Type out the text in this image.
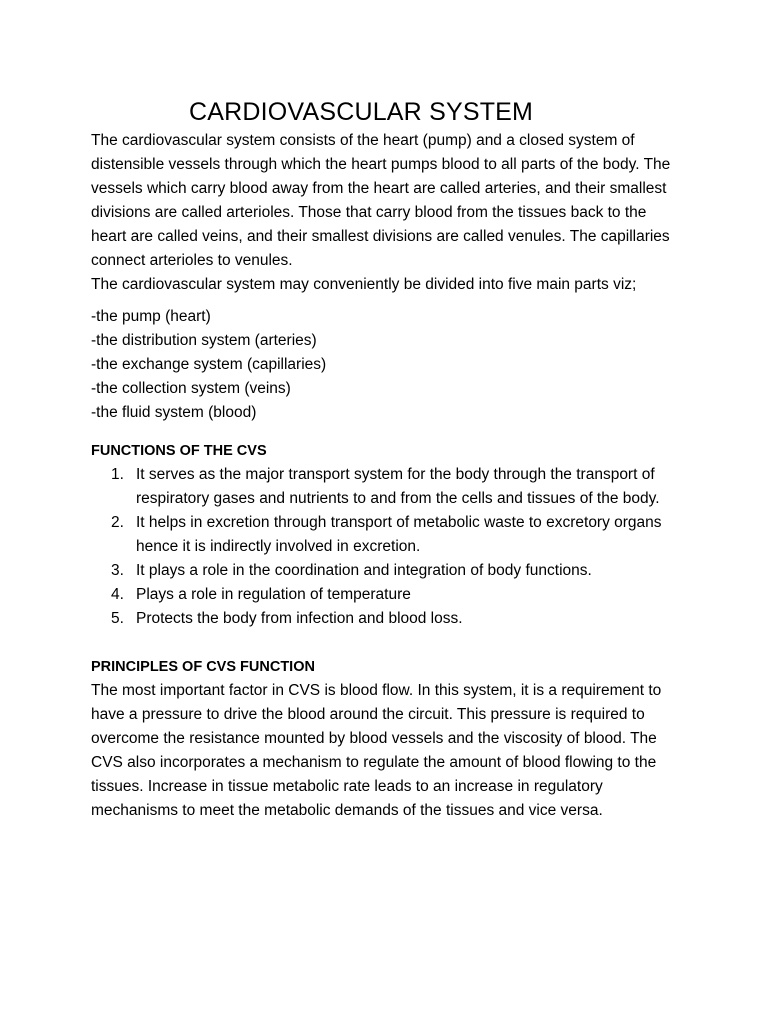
CARDIOVASCULAR SYSTEM

The cardiovascular system consists of the heart (pump) and a closed system of distensible vessels through which the heart pumps blood to all parts of the body. The vessels which carry blood away from the heart are called arteries, and their smallest divisions are called arterioles. Those that carry blood from the tissues back to the heart are called veins, and their smallest divisions are called venules. The capillaries connect arterioles to venules.

The cardiovascular system may conveniently be divided into five main parts viz;

-the pump (heart)
-the distribution system (arteries)
-the exchange system (capillaries)
-the collection system (veins)
-the fluid system (blood)
FUNCTIONS OF THE CVS
1. It serves as the major transport system for the body through the transport of respiratory gases and nutrients to and from the cells and tissues of the body.
2. It helps in excretion through transport of metabolic waste to excretory organs hence it is indirectly involved in excretion.
3. It plays a role in the coordination and integration of body functions.
4. Plays a role in regulation of temperature
5. Protects the body from infection and blood loss.
PRINCIPLES OF CVS FUNCTION

The most important factor in CVS is blood flow. In this system, it is a requirement to have a pressure to drive the blood around the circuit. This pressure is required to overcome the resistance mounted by blood vessels and the viscosity of blood. The CVS also incorporates a mechanism to regulate the amount of blood flowing to the tissues. Increase in tissue metabolic rate leads to an increase in regulatory mechanisms to meet the metabolic demands of the tissues and vice versa.
